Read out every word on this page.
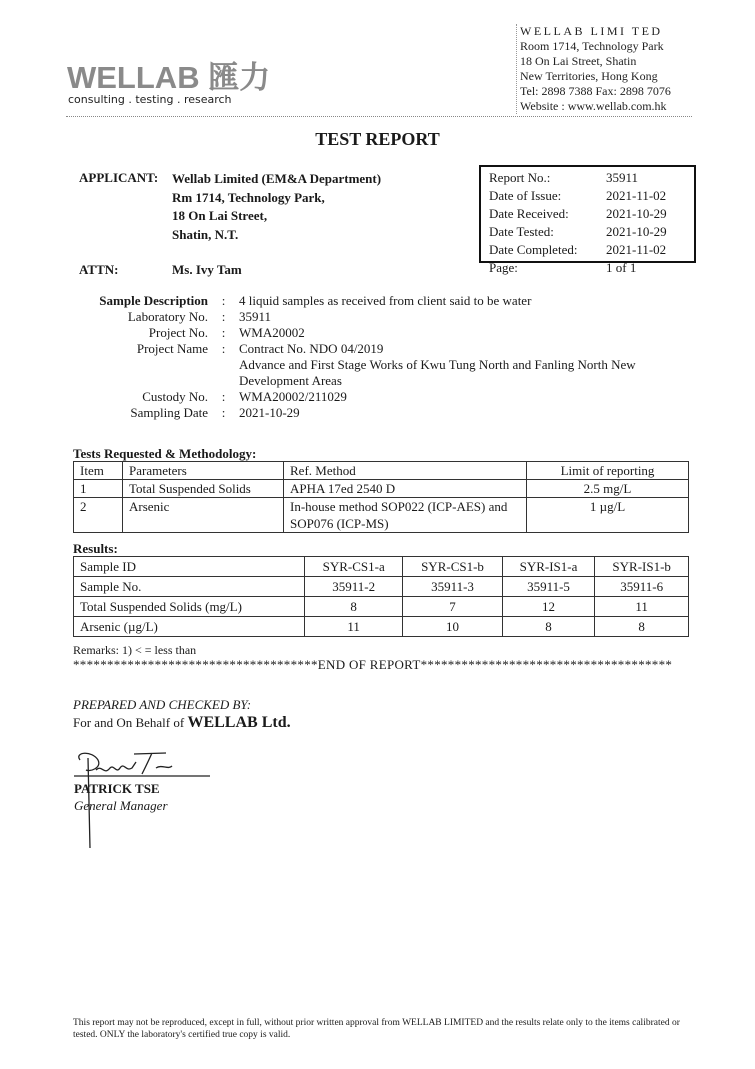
WELLAB 匯力
consulting . testing . research
WELLAB LIMI TED
Room 1714, Technology Park
18 On Lai Street, Shatin
New Territories, Hong Kong
Tel: 2898 7388 Fax: 2898 7076
Website : www.wellab.com.hk
TEST REPORT
APPLICANT: Wellab Limited (EM&A Department)
Rm 1714, Technology Park,
18 On Lai Street,
Shatin, N.T.
ATTN:	Ms. Ivy Tam
Report No.:	35911
Date of Issue:	2021-11-02
Date Received:	2021-10-29
Date Tested:	2021-10-29
Date Completed:	2021-11-02
Page:	1 of 1
Sample Description	:	4 liquid samples as received from client said to be water
Laboratory No.	:	35911
Project No.	:	WMA20002
Project Name	:	Contract No. NDO 04/2019
Advance and First Stage Works of Kwu Tung North and Fanling North New Development Areas
Custody No.	:	WMA20002/211029
Sampling Date	:	2021-10-29
Tests Requested & Methodology:
Item	Parameters	Ref. Method	Limit of reporting
1	Total Suspended Solids	APHA 17ed 2540 D	2.5 mg/L
2	Arsenic	In-house method SOP022 (ICP-AES) and SOP076 (ICP-MS)	1 µg/L
Results:
Sample ID	SYR-CS1-a	SYR-CS1-b	SYR-IS1-a	SYR-IS1-b
Sample No.	35911-2	35911-3	35911-5	35911-6
Total Suspended Solids (mg/L)	8	7	12	11
Arsenic (µg/L)	11	10	8	8
Remarks: 1) < = less than
************************************END OF REPORT*************************************
PREPARED AND CHECKED BY:
For and On Behalf of WELLAB Ltd.
PATRICK TSE
General Manager
This report may not be reproduced, except in full, without prior written approval from WELLAB LIMITED and the results relate only to the items calibrated or tested. ONLY the laboratory's certified true copy is valid.
